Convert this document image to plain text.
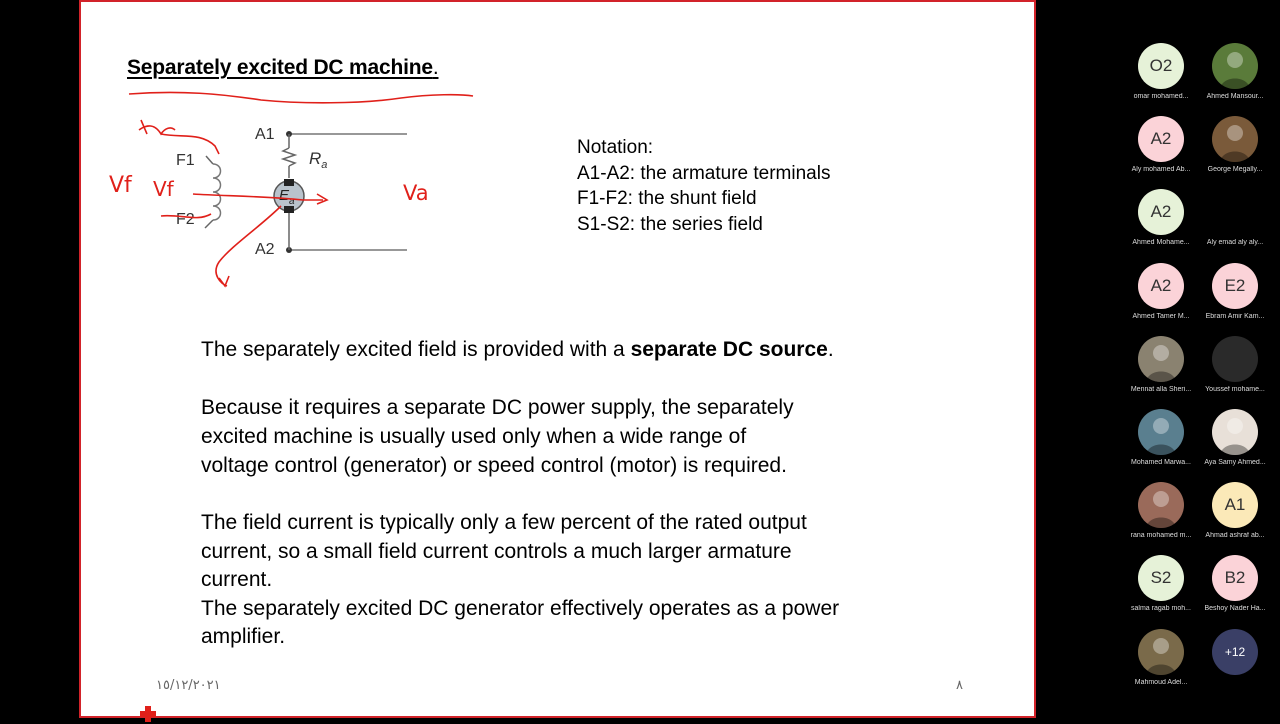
Separately excited DC machine.
A1
F1
F2
A2
$R_a$
$E_a$
Vf Vf	Va
Notation:
A1-A2: the armature terminals
F1-F2: the shunt field
S1-S2: the series field
The separately excited field is provided with a separate DC source.
Because it requires a separate DC power supply, the separately
excited machine is usually used only when a wide range of
voltage control (generator) or speed control (motor) is required.
The field current is typically only a few percent of the rated output
current, so a small field current controls a much larger armature
current.
The separately excited DC generator effectively operates as a power
amplifier.
١٥/١٢/٢٠٢١	٨
O2
omar mohamed...	Ahmed Mansour...
A2
Aly mohamed Ab...	George Megally...
A2
Ahmed Mohame...	Aly emad aly aly...
A2
Ahmed Tamer M...
E2
Ebram Amir Kam...
Mennat alla Sheri...	Youssef mohame...
Mohamed Marwa...	Aya Samy Ahmed...
rana mohamed m...
A1
Ahmad ashraf ab...
S2
salma ragab moh...
B2
Beshoy Nader Ha...
Mahmoud Adel...
+12
